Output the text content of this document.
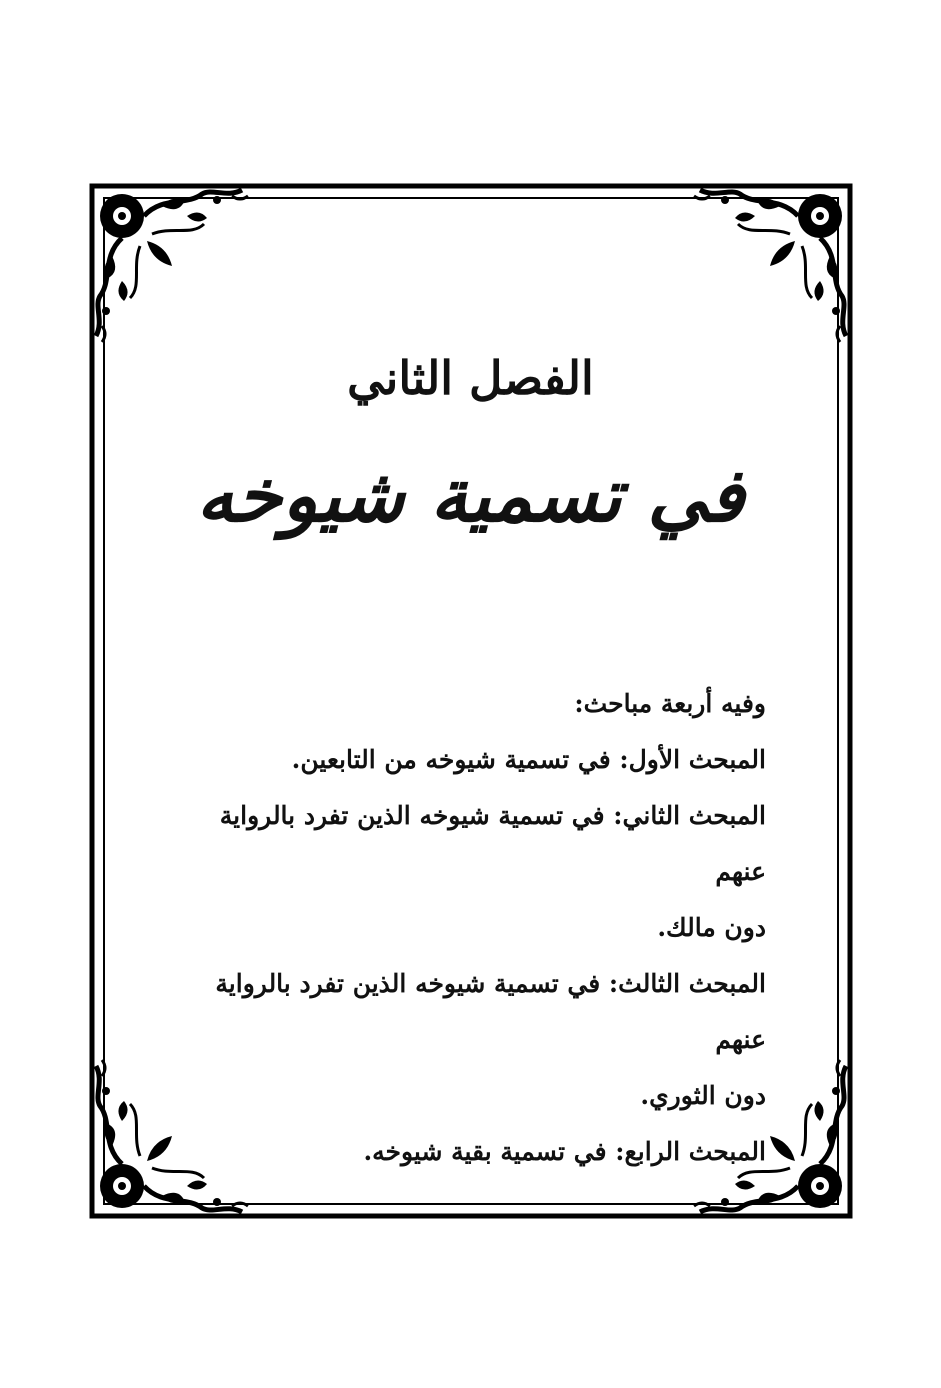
الفصل الثاني
في تسمية شيوخه

وفيه أربعة مباحث:

المبحث الأول: في تسمية شيوخه من التابعين.

المبحث الثاني: في تسمية شيوخه الذين تفرد بالرواية عنهم
دون مالك.

المبحث الثالث: في تسمية شيوخه الذين تفرد بالرواية عنهم
دون الثوري.

المبحث الرابع: في تسمية بقية شيوخه.
